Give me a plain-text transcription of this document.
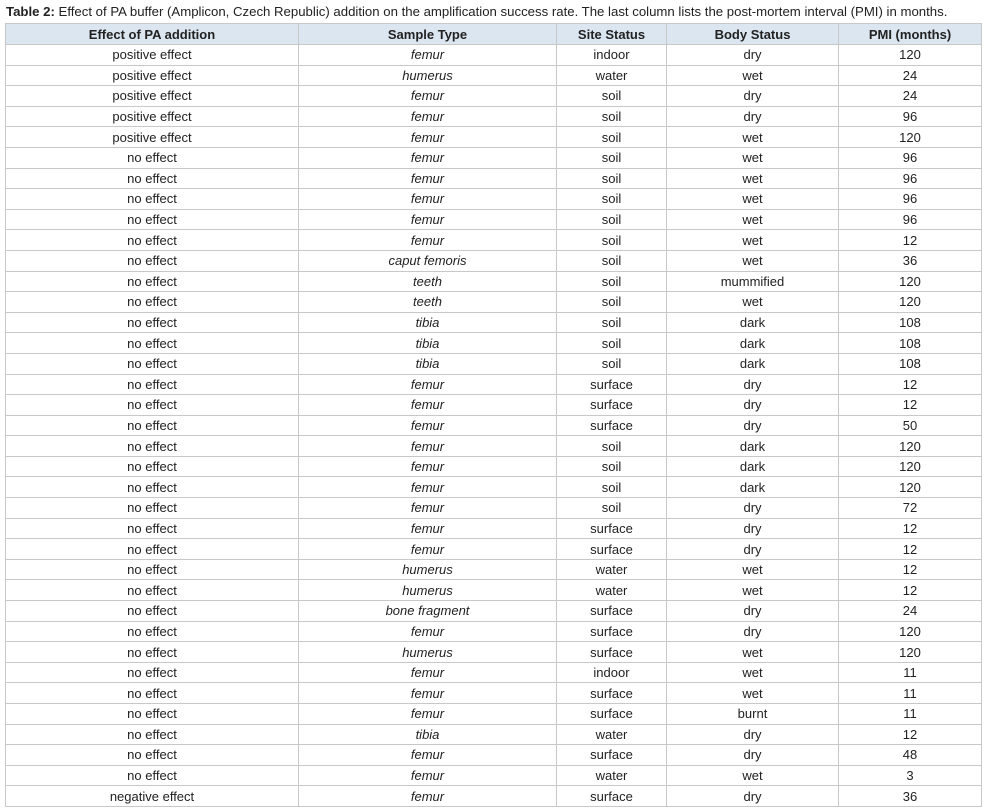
Table 2: Effect of PA buffer (Amplicon, Czech Republic) addition on the amplification success rate. The last column lists the post-mortem interval (PMI) in months.
Effect of PA addition	Sample Type	Site Status	Body Status	PMI (months)
positive effect	femur	indoor	dry	120
positive effect	humerus	water	wet	24
positive effect	femur	soil	dry	24
positive effect	femur	soil	dry	96
positive effect	femur	soil	wet	120
no effect	femur	soil	wet	96
no effect	femur	soil	wet	96
no effect	femur	soil	wet	96
no effect	femur	soil	wet	96
no effect	femur	soil	wet	12
no effect	caput femoris	soil	wet	36
no effect	teeth	soil	mummified	120
no effect	teeth	soil	wet	120
no effect	tibia	soil	dark	108
no effect	tibia	soil	dark	108
no effect	tibia	soil	dark	108
no effect	femur	surface	dry	12
no effect	femur	surface	dry	12
no effect	femur	surface	dry	50
no effect	femur	soil	dark	120
no effect	femur	soil	dark	120
no effect	femur	soil	dark	120
no effect	femur	soil	dry	72
no effect	femur	surface	dry	12
no effect	femur	surface	dry	12
no effect	humerus	water	wet	12
no effect	humerus	water	wet	12
no effect	bone fragment	surface	dry	24
no effect	femur	surface	dry	120
no effect	humerus	surface	wet	120
no effect	femur	indoor	wet	11
no effect	femur	surface	wet	11
no effect	femur	surface	burnt	11
no effect	tibia	water	dry	12
no effect	femur	surface	dry	48
no effect	femur	water	wet	3
negative effect	femur	surface	dry	36
